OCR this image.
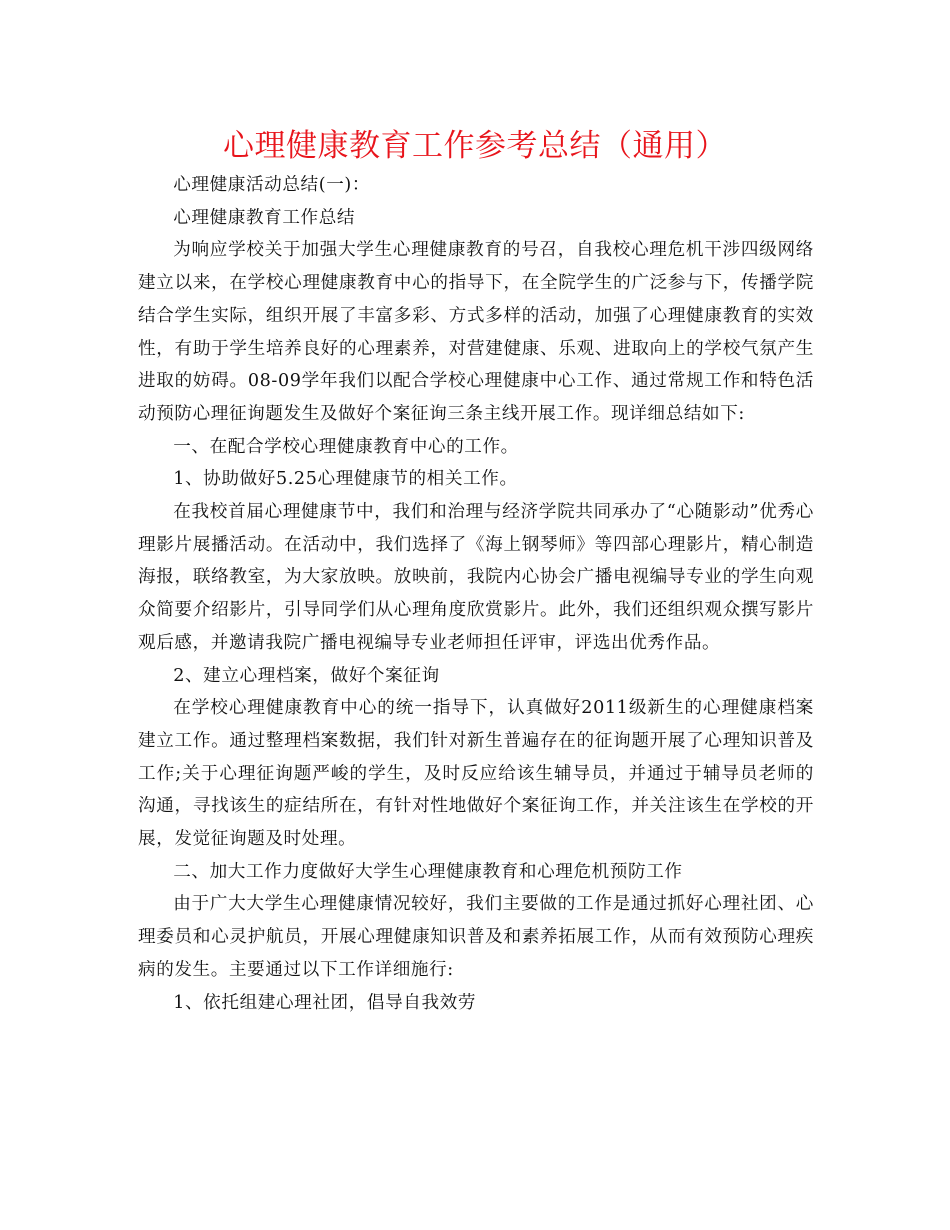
心理健康教育工作参考总结（通用）

心理健康活动总结(一)：

心理健康教育工作总结

为响应学校关于加强大学生心理健康教育的号召，自我校心理危机干涉四级网络建立以来，在学校心理健康教育中心的指导下，在全院学生的广泛参与下，传播学院结合学生实际，组织开展了丰富多彩、方式多样的活动，加强了心理健康教育的实效性，有助于学生培养良好的心理素养，对营建健康、乐观、进取向上的学校气氛产生进取的妨碍。08-09学年我们以配合学校心理健康中心工作、通过常规工作和特色活动预防心理征询题发生及做好个案征询三条主线开展工作。现详细总结如下:

一、在配合学校心理健康教育中心的工作。

1、协助做好5.25心理健康节的相关工作。

在我校首届心理健康节中，我们和治理与经济学院共同承办了“心随影动”优秀心理影片展播活动。在活动中，我们选择了《海上钢琴师》等四部心理影片，精心制造海报，联络教室，为大家放映。放映前，我院内心协会广播电视编导专业的学生向观众简要介绍影片，引导同学们从心理角度欣赏影片。此外，我们还组织观众撰写影片观后感，并邀请我院广播电视编导专业老师担任评审，评选出优秀作品。

2、建立心理档案，做好个案征询

在学校心理健康教育中心的统一指导下，认真做好2011级新生的心理健康档案建立工作。通过整理档案数据，我们针对新生普遍存在的征询题开展了心理知识普及工作;关于心理征询题严峻的学生，及时反应给该生辅导员，并通过于辅导员老师的沟通，寻找该生的症结所在，有针对性地做好个案征询工作，并关注该生在学校的开展，发觉征询题及时处理。

二、加大工作力度做好大学生心理健康教育和心理危机预防工作

由于广大大学生心理健康情况较好，我们主要做的工作是通过抓好心理社团、心理委员和心灵护航员，开展心理健康知识普及和素养拓展工作，从而有效预防心理疾病的发生。主要通过以下工作详细施行:

1、依托组建心理社团，倡导自我效劳
